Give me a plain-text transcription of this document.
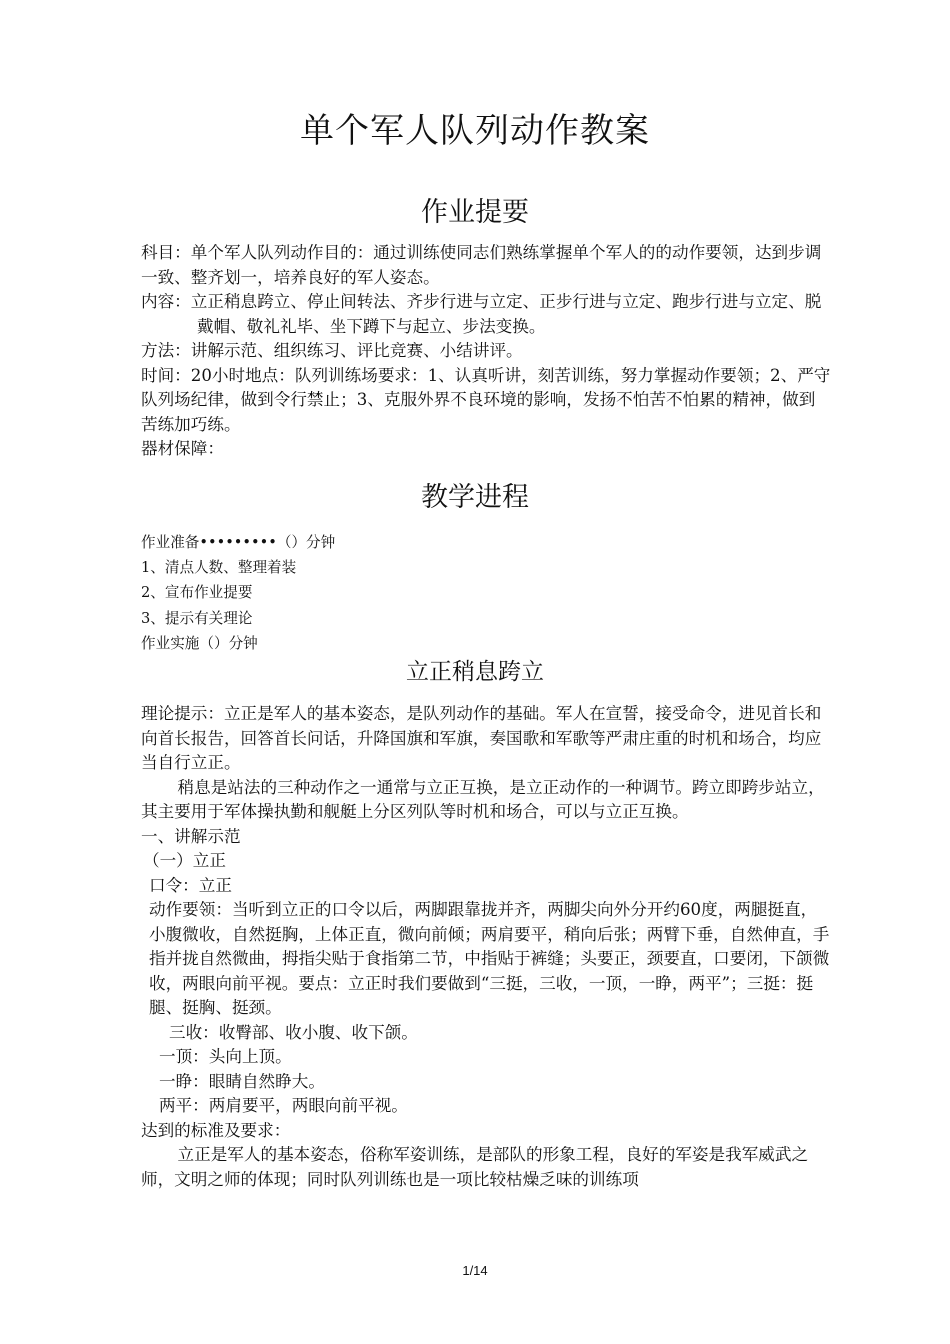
单个军人队列动作教案
作业提要
科目：单个军人队列动作目的：通过训练使同志们熟练掌握单个军人的的动作要领，达到步调一致、整齐划一，培养良好的军人姿态。
内容：立正稍息跨立、停止间转法、齐步行进与立定、正步行进与立定、跑步行进与立定、脱戴帽、敬礼礼毕、坐下蹲下与起立、步法变换。
方法：讲解示范、组织练习、评比竞赛、小结讲评。
时间：20小时地点：队列训练场要求：1、认真听讲，刻苦训练，努力掌握动作要领；2、严守队列场纪律，做到令行禁止；3、克服外界不良环境的影响，发扬不怕苦不怕累的精神，做到苦练加巧练。
器材保障：
教学进程
作业准备•••••••••（）分钟
1、清点人数、整理着装
2、宣布作业提要
3、提示有关理论
作业实施（）分钟
立正稍息跨立
理论提示：立正是军人的基本姿态，是队列动作的基础。军人在宣誓，接受命令，进见首长和向首长报告，回答首长问话，升降国旗和军旗，奏国歌和军歌等严肃庄重的时机和场合，均应当自行立正。
稍息是站法的三种动作之一通常与立正互换，是立正动作的一种调节。跨立即跨步站立，其主要用于军体操执勤和舰艇上分区列队等时机和场合，可以与立正互换。
一、讲解示范
（一）立正
口令：立正
动作要领：当听到立正的口令以后，两脚跟靠拢并齐，两脚尖向外分开约60度，两腿挺直，小腹微收，自然挺胸，上体正直，微向前倾；两肩要平，稍向后张；两臂下垂，自然伸直，手指并拢自然微曲，拇指尖贴于食指第二节，中指贴于裤缝；头要正，颈要直，口要闭，下颌微收，两眼向前平视。要点：立正时我们要做到“三挺，三收，一顶，一睁，两平”；三挺：挺腿、挺胸、挺颈。
三收：收臀部、收小腹、收下颌。
一顶：头向上顶。
一睁：眼睛自然睁大。
两平：两肩要平，两眼向前平视。
达到的标准及要求：
立正是军人的基本姿态，俗称军姿训练，是部队的形象工程，良好的军姿是我军威武之师，文明之师的体现；同时队列训练也是一项比较枯燥乏味的训练项
1/14
